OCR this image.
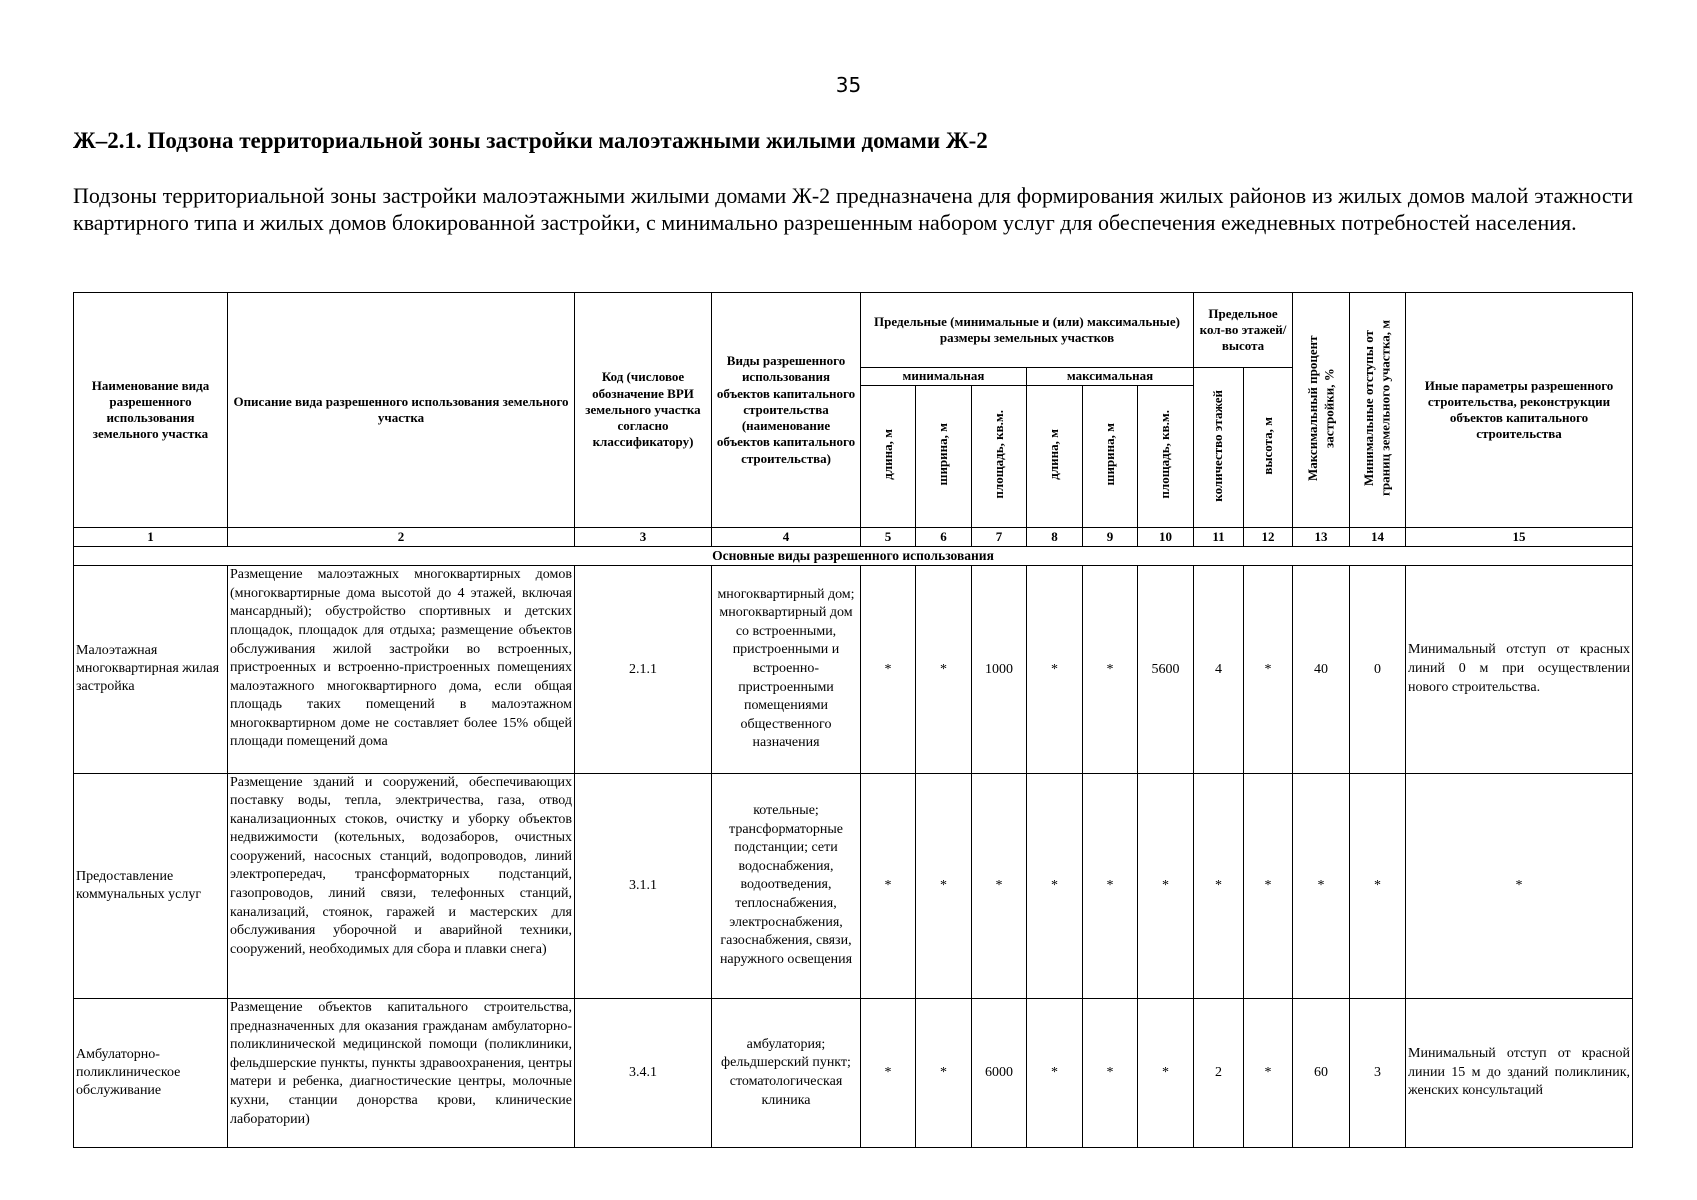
35
Ж–2.1. Подзона территориальной зоны застройки малоэтажными жилыми домами Ж-2

Подзоны территориальной зоны застройки малоэтажными жилыми домами Ж-2 предназначена для формирования жилых районов из жилых домов малой этажности квартирного типа и жилых домов блокированной застройки, с минимально разрешенным набором услуг для обеспечения ежедневных потребностей населения.

Наименование вида разрешенного использования земельного участка	Описание вида разрешенного использования земельного участка	Код (числовое обозначение ВРИ земельного участка согласно классификатору)	Виды разрешенного использования объектов капитального строительства (наименование объектов капитального строительства)	Предельные (минимальные и (или) максимальные) размеры земельных участков						Предельное кол-во этажей/ высота		Максимальный процент застройки, %	Минимальные отступы от границ земельного участка, м	Иные параметры разрешенного строительства, реконструкции объектов капитального строительства
				минимальная			максимальная			количество этажей	высота, м			
				длина, м	ширина, м	площадь, кв.м.	длина, м	ширина, м	площадь, кв.м.					
1	2	3	4	5	6	7	8	9	10	11	12	13	14	15
Основные виды разрешенного использования														
Малоэтажная многоквартирная жилая застройка	Размещение малоэтажных многоквартирных домов (многоквартирные дома высотой до 4 этажей, включая мансардный); обустройство спортивных и детских площадок, площадок для отдыха; размещение объектов обслуживания жилой застройки во встроенных, пристроенных и встроенно-пристроенных помещениях малоэтажного многоквартирного дома, если общая площадь таких помещений в малоэтажном многоквартирном доме не составляет более 15% общей площади помещений дома	2.1.1	многоквартирный дом; многоквартирный дом со встроенными, пристроенными и встроенно-пристроенными помещениями общественного назначения	*	*	1000	*	*	5600	4	*	40	0	Минимальный отступ от красных линий 0 м при осуществлении нового строительства.
Предоставление коммунальных услуг	Размещение зданий и сооружений, обеспечивающих поставку воды, тепла, электричества, газа, отвод канализационных стоков, очистку и уборку объектов недвижимости (котельных, водозаборов, очистных сооружений, насосных станций, водопроводов, линий электропередач, трансформаторных подстанций, газопроводов, линий связи, телефонных станций, канализаций, стоянок, гаражей и мастерских для обслуживания уборочной и аварийной техники, сооружений, необходимых для сбора и плавки снега)	3.1.1	котельные; трансформаторные подстанции; сети водоснабжения, водоотведения, теплоснабжения, электроснабжения, газоснабжения, связи, наружного освещения	*	*	*	*	*	*	*	*	*	*	*
Амбулаторно-поликлиническое обслуживание	Размещение объектов капитального строительства, предназначенных для оказания гражданам амбулаторно-поликлинической медицинской помощи (поликлиники, фельдшерские пункты, пункты здравоохранения, центры матери и ребенка, диагностические центры, молочные кухни, станции донорства крови, клинические лаборатории)	3.4.1	амбулатория; фельдшерский пункт; стоматологическая клиника	*	*	6000	*	*	*	2	*	60	3	Минимальный отступ от красной линии 15 м до зданий поликлиник, женских консультаций
